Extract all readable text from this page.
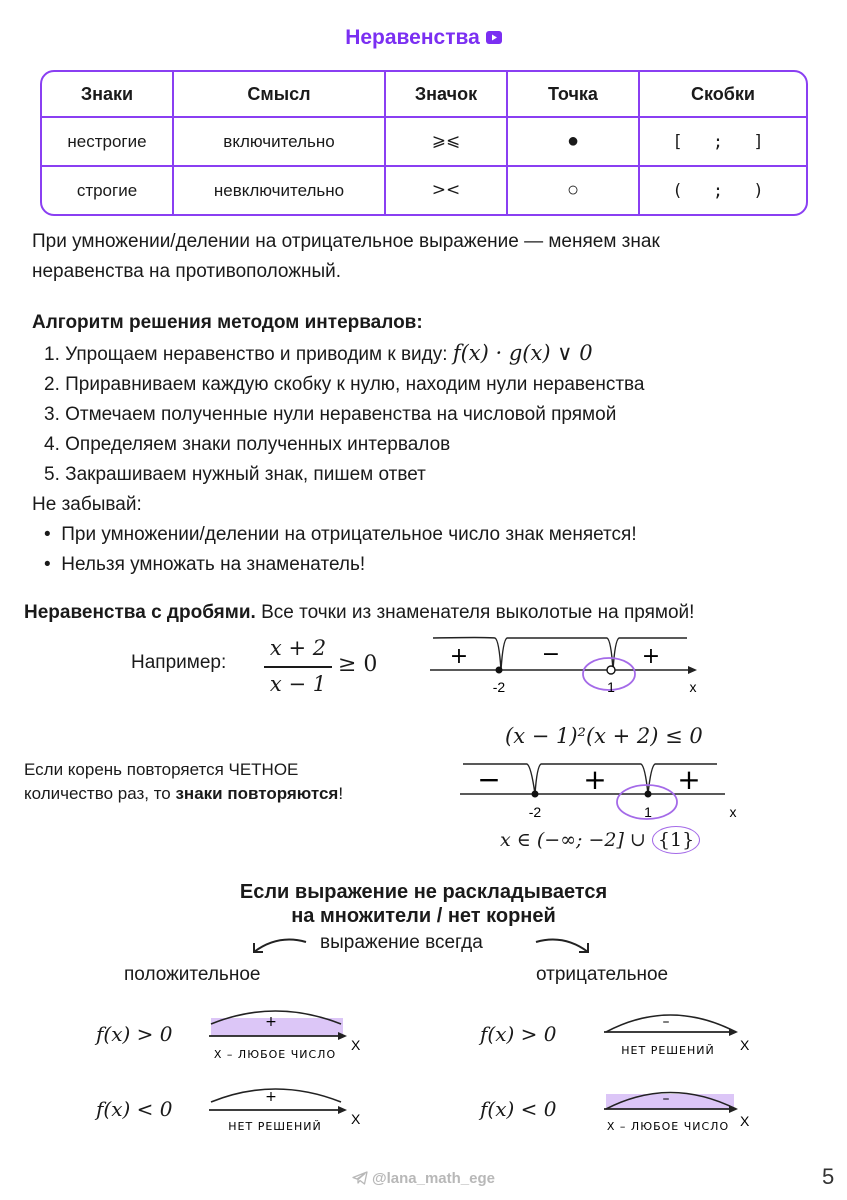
Неравенства
Знаки	Смысл	Значок	Точка	Скобки
нестрогие	включительно	⩾⩽	●	[ ; ]
строгие	невключительно	><	○	( ; )
При умножении/делении на отрицательное выражение — меняем знак
неравенства на противоположный.
Алгоритм решения методом интервалов:
1. Упрощаем неравенство и приводим к виду: f(x) · g(x) ∨ 0
2. Приравниваем каждую скобку к нулю, находим нули неравенства
3. Отмечаем полученные нули неравенства на числовой прямой
4. Определяем знаки полученных интервалов
5. Закрашиваем нужный знак, пишем ответ
Не забывай:
•  При умножении/делении на отрицательное число знак меняется!
•  Нельзя умножать на знаменатель!
Неравенства с дробями. Все точки из знаменателя выколотые на прямой!
Например:
x + 2
x − 1
≥ 0	+	−	+
-2	1	x
(x − 1)²(x + 2) ≤ 0
Если корень повторяется ЧЕТНОЕ
количество раз, то знаки повторяются!	−	+	+
-2	1	x
x ∈ (−∞; −2] ∪ {1}
Если выражение не раскладывается
на множители / нет корней
выражение всегда
положительное	отрицательное
f(x) > 0	+
X – ЛЮБОЕ ЧИСЛО
X
f(x) < 0	+
НЕТ РЕШЕНИЙ X
f(x) > 0	–
НЕТ РЕШЕНИЙ X
f(x) < 0	–
X – ЛЮБОЕ ЧИСЛО X
@lana_math_ege	5
